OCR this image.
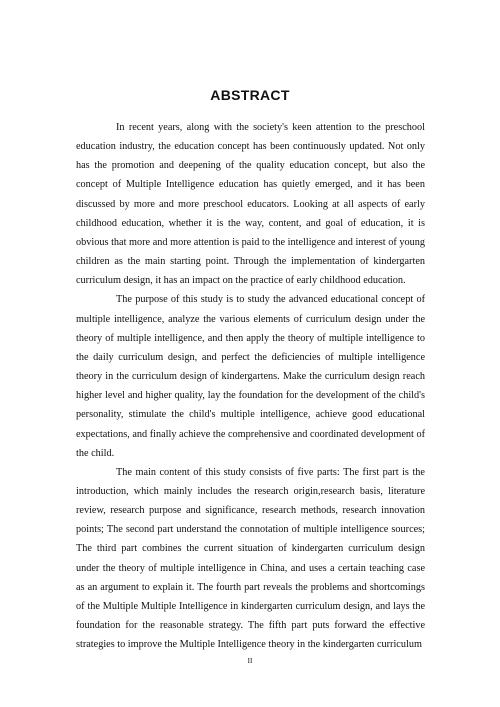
ABSTRACT

In recent years, along with the society's keen attention to the preschool education industry, the education concept has been continuously updated. Not only has the promotion and deepening of the quality education concept, but also the concept of Multiple Intelligence education has quietly emerged, and it has been discussed by more and more preschool educators. Looking at all aspects of early childhood education, whether it is the way, content, and goal of education, it is obvious that more and more attention is paid to the intelligence and interest of young children as the main starting point. Through the implementation of kindergarten curriculum design, it has an impact on the practice of early childhood education.

The purpose of this study is to study the advanced educational concept of multiple intelligence, analyze the various elements of curriculum design under the theory of multiple intelligence, and then apply the theory of multiple intelligence to the daily curriculum design, and perfect the deficiencies of multiple intelligence theory in the curriculum design of kindergartens. Make the curriculum design reach higher level and higher quality, lay the foundation for the development of the child's personality, stimulate the child's multiple intelligence, achieve good educational expectations, and finally achieve the comprehensive and coordinated development of the child.

The main content of this study consists of five parts: The first part is the introduction, which mainly includes the research origin,research basis, literature review, research purpose and significance, research methods, research innovation points; The second part understand the connotation of multiple intelligence sources; The third part combines the current situation of kindergarten curriculum design under the theory of multiple intelligence in China, and uses a certain teaching case as an argument to explain it. The fourth part reveals the problems and shortcomings of the Multiple Multiple Intelligence in kindergarten curriculum design, and lays the foundation for the reasonable strategy. The fifth part puts forward the effective strategies to improve the Multiple Intelligence theory in the kindergarten curriculum

II
